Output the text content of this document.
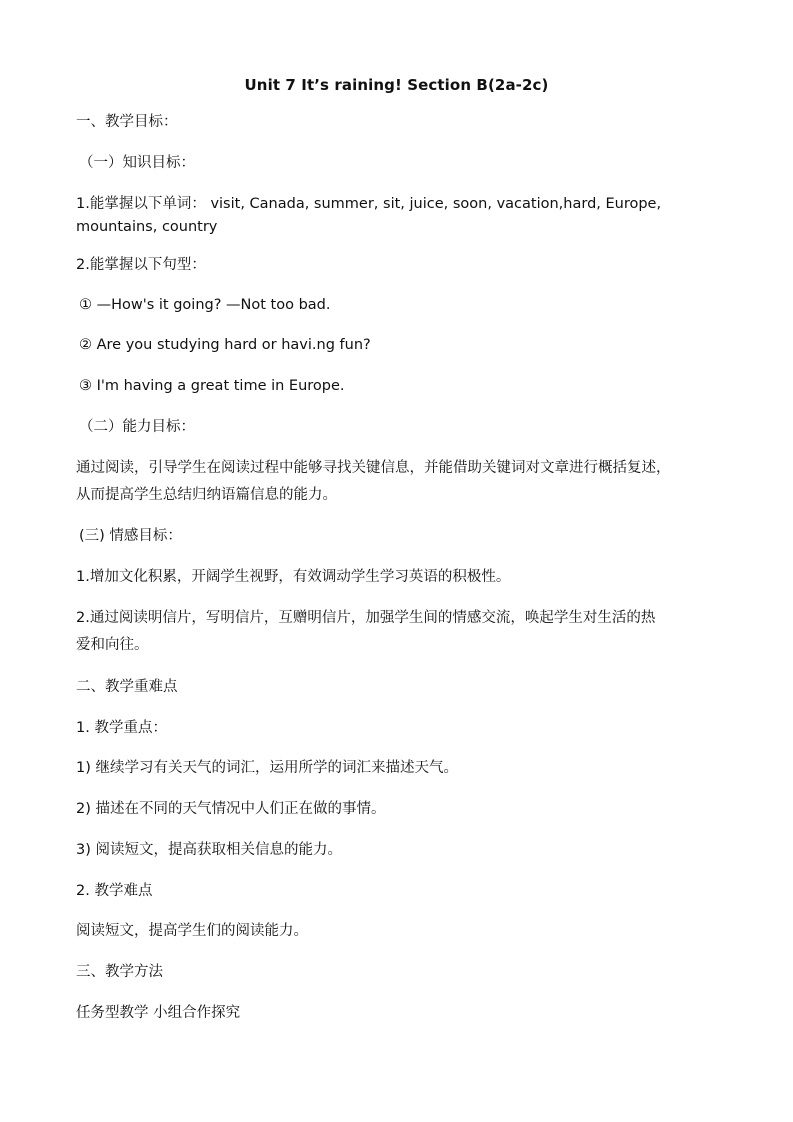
Unit 7 It’s raining! Section B(2a-2c)
一、教学目标：
（一）知识目标：
1.能掌握以下单词： visit, Canada, summer, sit, juice, soon, vacation,hard, Europe,
mountains, country
2.能掌握以下句型：
① —How's it going? —Not too bad.
② Are you studying hard or havi.ng fun?
③ I'm having a great time in Europe.
（二）能力目标：
通过阅读，引导学生在阅读过程中能够寻找关键信息，并能借助关键词对文章进行概括复述，
从而提高学生总结归纳语篇信息的能力。
(三) 情感目标：
1.增加文化积累，开阔学生视野，有效调动学生学习英语的积极性。
2.通过阅读明信片，写明信片，互赠明信片，加强学生间的情感交流，唤起学生对生活的热
爱和向往。
二、教学重难点
1. 教学重点：
1) 继续学习有关天气的词汇，运用所学的词汇来描述天气。
2) 描述在不同的天气情况中人们正在做的事情。
3) 阅读短文，提高获取相关信息的能力。
2. 教学难点
阅读短文，提高学生们的阅读能力。
三、教学方法
任务型教学 小组合作探究
